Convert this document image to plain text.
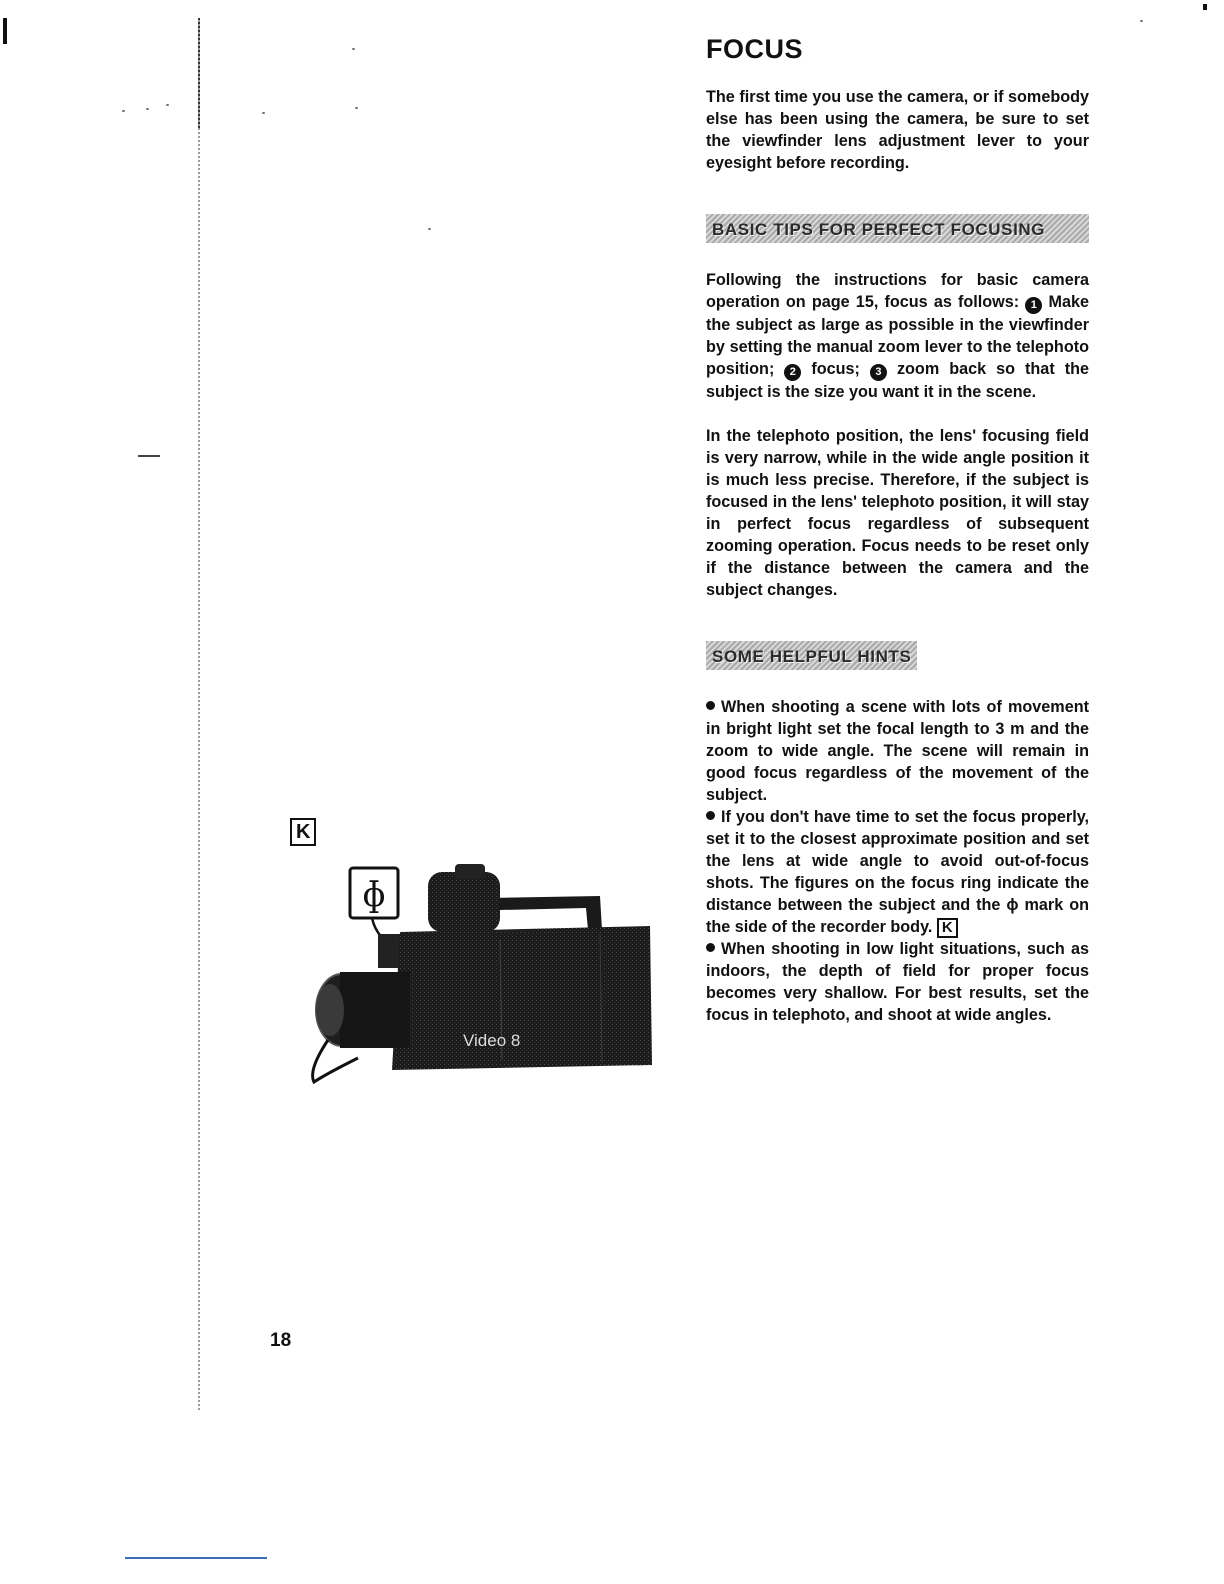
FOCUS

The first time you use the camera, or if somebody else has been using the camera, be sure to set the viewfinder lens adjustment lever to your eyesight before recording.

BASIC TIPS FOR PERFECT FOCUSING

Following the instructions for basic camera operation on page 15, focus as follows: 1 Make the subject as large as possible in the viewfinder by setting the manual zoom lever to the telephoto position; 2 focus; 3 zoom back so that the subject is the size you want it in the scene.

In the telephoto position, the lens' focusing field is very narrow, while in the wide angle position it is much less precise. Therefore, if the subject is focused in the lens' telephoto position, it will stay in perfect focus regardless of subsequent zooming operation. Focus needs to be reset only if the distance between the camera and the subject changes.

SOME HELPFUL HINTS

When shooting a scene with lots of movement in bright light set the focal length to 3 m and the zoom to wide angle. The scene will remain in good focus regardless of the movement of the subject.

If you don't have time to set the focus properly, set it to the closest approximate position and set the lens at wide angle to avoid out-of-focus shots. The figures on the focus ring indicate the distance between the subject and the ɸ mark on the side of the recorder body. K

When shooting in low light situations, such as indoors, the depth of field for proper focus becomes very shallow. For best results, set the focus in telephoto, and shoot at wide angles.

K
ɸ
Video 8
18
